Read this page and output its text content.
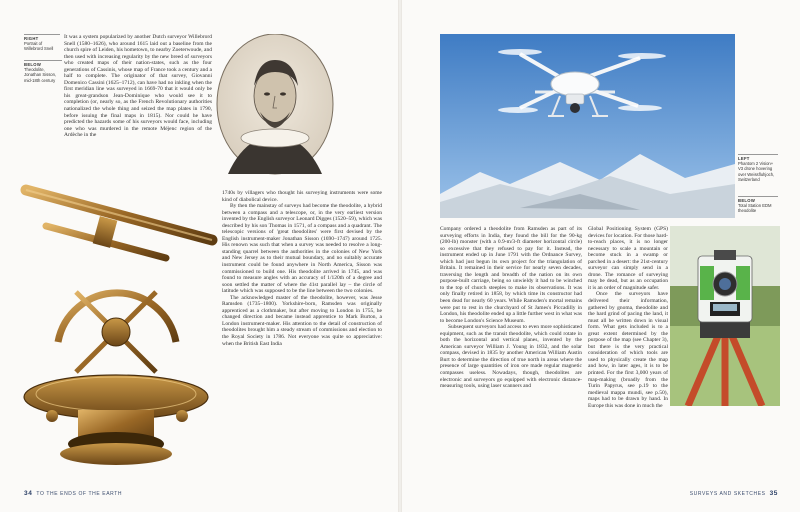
RIGHT
Portrait of Willebrord Snell
BELOW
Theodolite, Jonathan Sisson, mid-18th century

It was a system popularized by another Dutch surveyor Willebrord Snell (1580–1626), who around 1615 laid out a baseline from the church spire of Leiden, his hometown, to nearby Zoeterwoude, and then used with increasing regularity by the new breed of surveyors who created maps of their nation-states, such as the four generations of Cassinis, whose map of France took a century and a half to complete. The originator of that survey, Giovanni Domenico Cassini (1625–1712), can have had no inkling when the first meridian line was surveyed in 1669-70 that it would only be his great-grandson Jean-Dominique who would see it to completion (or, nearly so, as the French Revolutionary authorities nationalized the whole thing and seized the map plates in 1790, before issuing the final maps in 1815). Nor could he have predicted the hazards some of his surveyors would face, including one who was murdered in the remote Méjenc region of the Ardèche in the

1740s by villagers who thought his surveying instruments were some kind of diabolical device.

By then the mainstay of surveys had become the theodolite, a hybrid between a compass and a telescope, or, in the very earliest version invented by the English surveyor Leonard Digges (1520–59), which was described by his son Thomas in 1571, of a compass and a quadrant. The telescopic versions of 'great theodolites' were first devised by the English instrument-maker Jonathan Sisson (1690–1747) around 1725. His renown was such that when a survey was needed to resolve a long-standing quarrel between the authorities in the colonies of New York and New Jersey as to their mutual boundary, and no suitably accurate instrument could be found anywhere in North America, Sisson was commissioned to build one. His theodolite arrived in 1745, and was found to measure angles with an accuracy of 1/120th of a degree and soon settled the matter of where the 41st parallel lay – the circle of latitude which was supposed to be the line between the two colonies.

The acknowledged master of the theodolite, however, was Jesse Ramsden (1735–1800). Yorkshire-born, Ramsden was originally apprenticed as a clothmaker, but after moving to London in 1755, he changed direction and became instead apprentice to Mark Burton, a London instrument-maker. His attention to the detail of construction of theodolites brought him a steady stream of commissions and election to the Royal Society in 1786. Not everyone was quite so appreciative: when the British East India

34 TO THE ENDS OF THE EARTH
LEFT
Phantom 2 Vision+ V3 drone hovering over Weissfluhjoch, Switzerland
BELOW
Total Station EDM theodolite

Company ordered a theodolite from Ramsden as part of its surveying efforts in India, they found the bill for the 90-kg (200-lb) monster (with a 0.9-m/3-ft diameter horizontal circle) so excessive that they refused to pay for it. Instead, the instrument ended up in June 1791 with the Ordnance Survey, which had just begun its own project for the triangulation of Britain. It remained in their service for nearly seven decades, traversing the length and breadth of the nation on its own purpose-built carriage, being so unwieldy it had to be winched to the top of church steeples to make its observations. It was only finally retired in 1858, by which time its constructor had been dead for nearly 60 years. While Ramsden's mortal remains were put to rest in the churchyard of St James's Piccadilly in London, his theodolite ended up a little further west in what was to become London's Science Museum.

Subsequent surveyors had access to even more sophisticated equipment, such as the transit theodolite, which could rotate in both the horizontal and vertical planes, invented by the American surveyor William J. Young in 1832, and the solar compass, devised in 1835 by another American William Austin Burt to determine the direction of true north in areas where the presence of large quantities of iron ore made regular magnetic compasses useless. Nowadays, though, theodolites are electronic and surveyors go equipped with electronic distance-measuring tools, using laser scanners and

Global Positioning System (GPS) devices for location. For those hard-to-reach places, it is no longer necessary to scale a mountain or become stuck in a swamp or parched in a desert: the 21st-century surveyor can simply send in a drone. The romance of surveying may be dead, but as an occupation it is an order of magnitude safer.

Once the surveyors have delivered their information, gathered by gnoma, theodolite and the hard grind of pacing the land, it must all be written down in visual form. What gets included is to a great extent determined by the purpose of the map (see Chapter 3), but there is the very practical consideration of which tools are used to physically create the map and how, in later ages, it is to be printed. For the first 3,000 years of map-making (broadly from the Turin Papyrus, see p.19 to the medieval mappa mundi, see p.50), maps had to be drawn by hand. In Europe this was done in much the

SURVEYS AND SKETCHES 35
